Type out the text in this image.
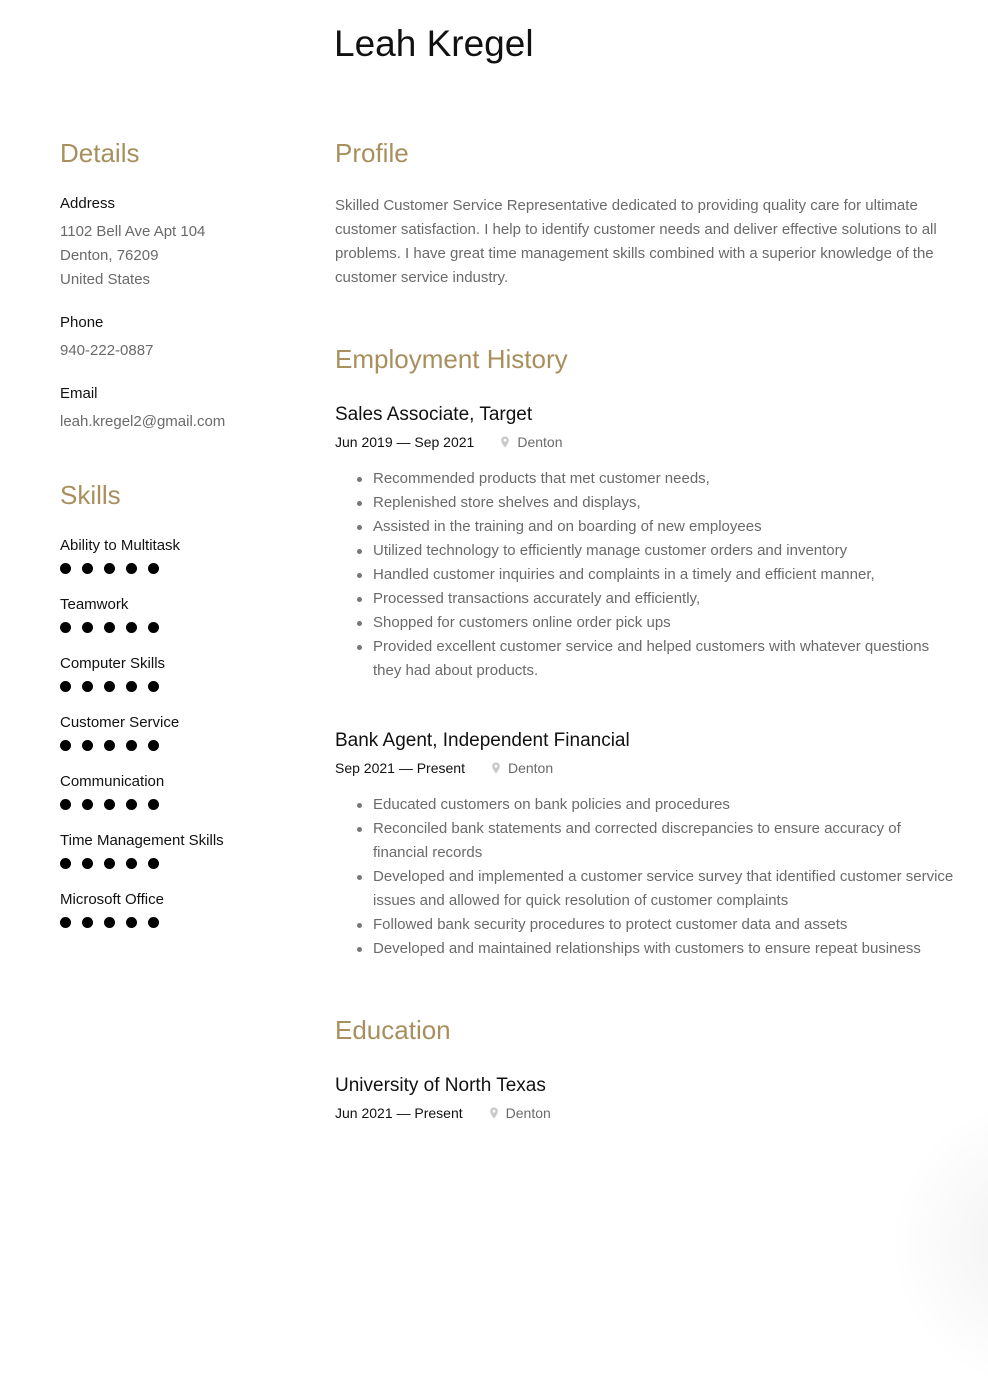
Leah Kregel
Details
Address
1102 Bell Ave Apt 104
Denton, 76209
United States
Phone
940-222-0887
Email
leah.kregel2@gmail.com
Skills
Ability to Multitask
Teamwork
Computer Skills
Customer Service
Communication
Time Management Skills
Microsoft Office
Profile

Skilled Customer Service Representative dedicated to providing quality care for ultimate customer satisfaction. I help to identify customer needs and deliver effective solutions to all problems. I have great time management skills combined with a superior knowledge of the customer service industry.

Employment History
Sales Associate, Target
Jun 2019 — Sep 2021	Denton
Recommended products that met customer needs,
Replenished store shelves and displays,
Assisted in the training and on boarding of new employees
Utilized technology to efficiently manage customer orders and inventory
Handled customer inquiries and complaints in a timely and efficient manner,
Processed transactions accurately and efficiently,
Shopped for customers online order pick ups
Provided excellent customer service and helped customers with whatever questions they had about products.
Bank Agent, Independent Financial
Sep 2021 — Present	Denton
Educated customers on bank policies and procedures
Reconciled bank statements and corrected discrepancies to ensure accuracy of financial records
Developed and implemented a customer service survey that identified customer service issues and allowed for quick resolution of customer complaints
Followed bank security procedures to protect customer data and assets
Developed and maintained relationships with customers to ensure repeat business
Education
University of North Texas
Jun 2021 — Present	Denton
